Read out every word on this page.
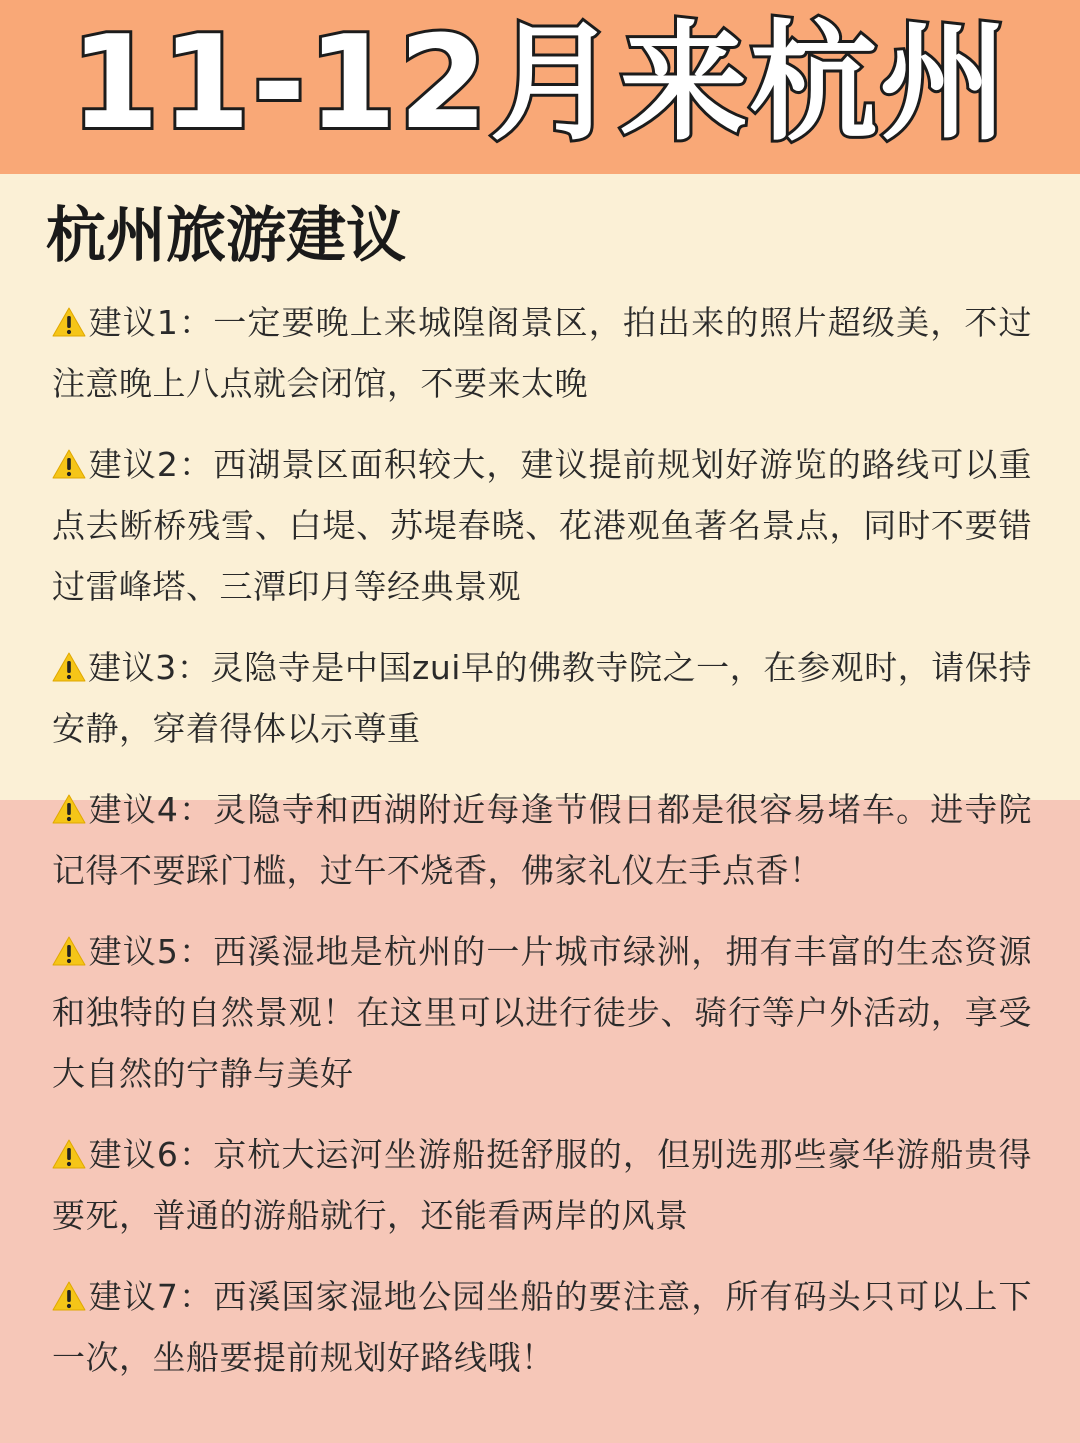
11-12月来杭州
杭州旅游建议
建议1：一定要晚上来城隍阁景区，拍出来的照片超级美，不过注意晚上八点就会闭馆，不要来太晚
建议2：西湖景区面积较大，建议提前规划好游览的路线可以重点去断桥残雪、白堤、苏堤春晓、花港观鱼著名景点，同时不要错过雷峰塔、三潭印月等经典景观
建议3：灵隐寺是中国zui早的佛教寺院之一，在参观时，请保持安静，穿着得体以示尊重
建议4：灵隐寺和西湖附近每逢节假日都是很容易堵车。进寺院记得不要踩门槛，过午不烧香，佛家礼仪左手点香！
建议5：西溪湿地是杭州的一片城市绿洲，拥有丰富的生态资源和独特的自然景观！在这里可以进行徒步、骑行等户外活动，享受大自然的宁静与美好
建议6：京杭大运河坐游船挺舒服的，但别选那些豪华游船贵得要死，普通的游船就行，还能看两岸的风景
建议7：西溪国家湿地公园坐船的要注意，所有码头只可以上下一次，坐船要提前规划好路线哦！
